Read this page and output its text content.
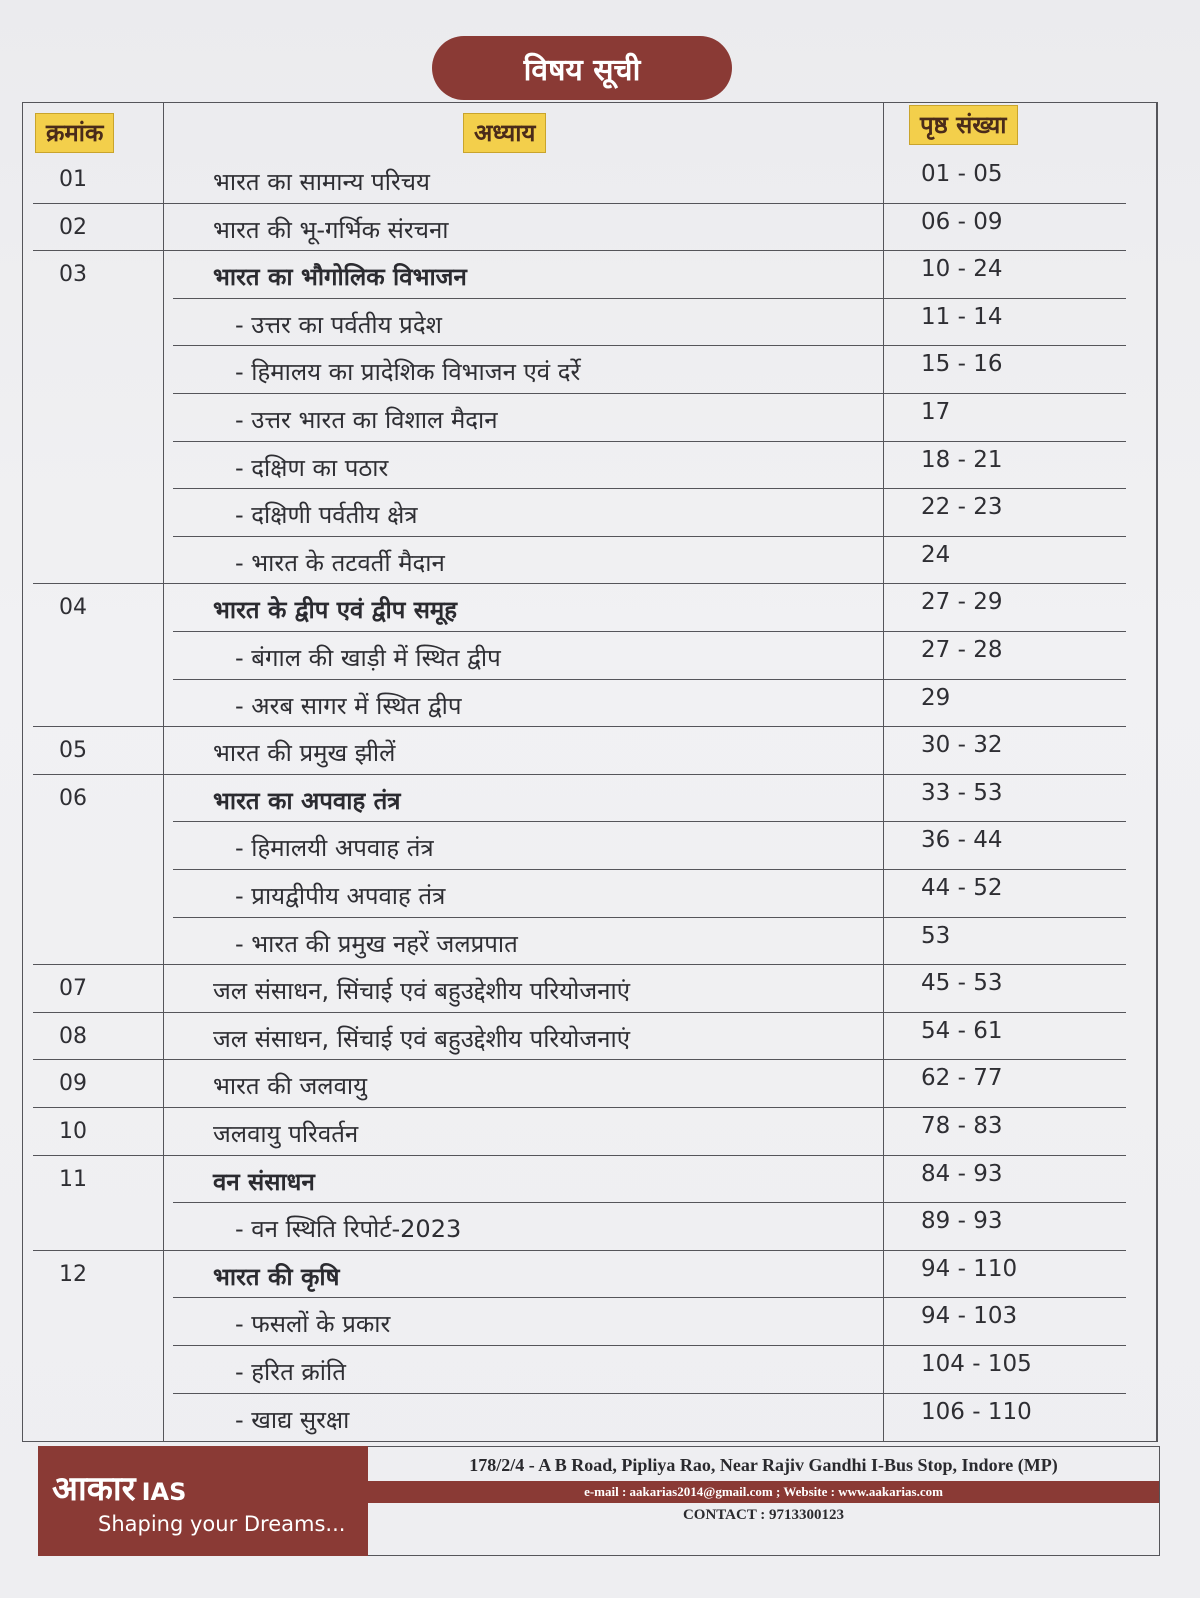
विषय सूची
क्रमांक	अध्याय	पृष्ठ संख्या
01	भारत का सामान्य परिचय	01 - 05
02	भारत की भू-गर्भिक संरचना	06 - 09
03	भारत का भौगोलिक विभाजन	10 - 24
- उत्तर का पर्वतीय प्रदेश	11 - 14
- हिमालय का प्रादेशिक विभाजन एवं दर्रे	15 - 16
- उत्तर भारत का विशाल मैदान	17
- दक्षिण का पठार	18 - 21
- दक्षिणी पर्वतीय क्षेत्र	22 - 23
- भारत के तटवर्ती मैदान	24
04	भारत के द्वीप एवं द्वीप समूह	27 - 29
- बंगाल की खाड़ी में स्थित द्वीप	27 - 28
- अरब सागर में स्थित द्वीप	29
05	भारत की प्रमुख झीलें	30 - 32
06	भारत का अपवाह तंत्र	33 - 53
- हिमालयी अपवाह तंत्र	36 - 44
- प्रायद्वीपीय अपवाह तंत्र	44 - 52
- भारत की प्रमुख नहरें जलप्रपात	53
07	जल संसाधन, सिंचाई एवं बहुउद्देशीय परियोजनाएं	45 - 53
08	जल संसाधन, सिंचाई एवं बहुउद्देशीय परियोजनाएं	54 - 61
09	भारत की जलवायु	62 - 77
10	जलवायु परिवर्तन	78 - 83
11	वन संसाधन	84 - 93
- वन स्थिति रिपोर्ट-2023	89 - 93
12	भारत की कृषि	94 - 110
- फसलों के प्रकार	94 - 103
- हरित क्रांति	104 - 105
- खाद्य सुरक्षा	106 - 110
आकार IAS
Shaping your Dreams...
178/2/4 - A B Road, Pipliya Rao, Near Rajiv Gandhi I-Bus Stop, Indore (MP)
e-mail : aakarias2014@gmail.com ; Website : www.aakarias.com
CONTACT : 9713300123
